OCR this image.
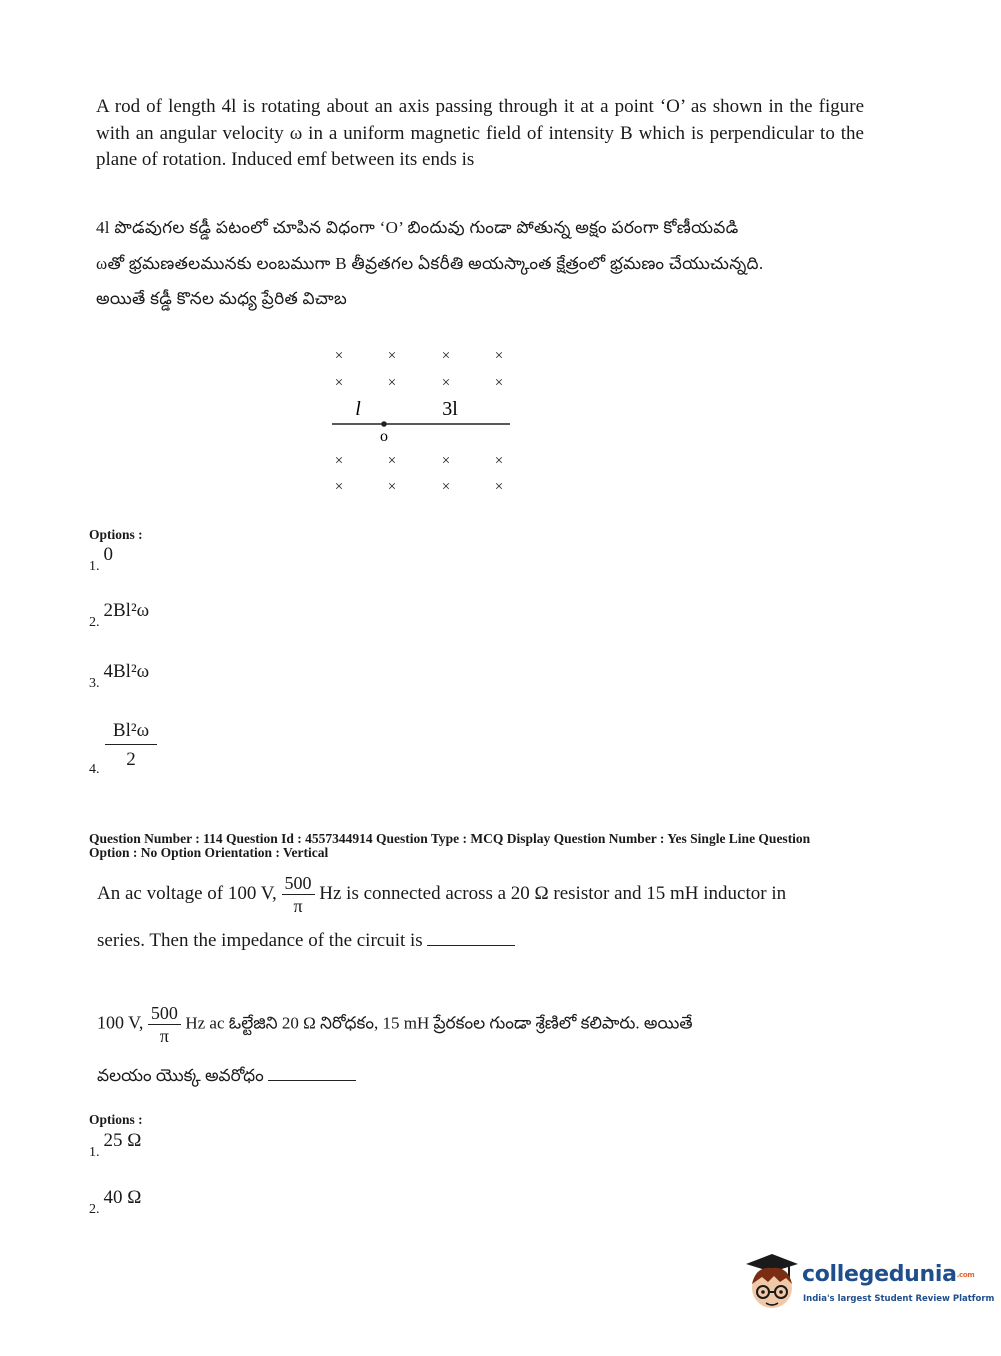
A rod of length 4l is rotating about an axis passing through it at a point ‘O’ as shown in the figure with an angular velocity ω in a uniform magnetic field of intensity B which is perpendicular to the plane of rotation. Induced emf between its ends is
4l పొడవుగల కడ్డీ పటంలో చూపిన విధంగా ‘O’ బిందువు గుండా పోతున్న అక్షం పరంగా కోణీయవడి
ωతో భ్రమణతలమునకు లంబముగా B తీవ్రతగల ఏకరీతి అయస్కాంత క్షేత్రంలో భ్రమణం చేయుచున్నది.
అయితే కడ్డీ కొనల మధ్య ప్రేరిత విచాబ
×	×	×	×
×	×	×	×
×	×	×	×
×	×	×	×
l	3l
o
Options :
1. 0
2. 2Bl²ω
3. 4Bl²ω
$\frac{\text{Bl²ω}}{2}$
4.
Question Number : 114 Question Id : 4557344914 Question Type : MCQ Display Question Number : Yes Single Line Question
Option : No Option Orientation : Vertical
An ac voltage of 100 V, $\frac{500}{\pi}$ Hz is connected across a 20 Ω resistor and 15 mH inductor in
series. Then the impedance of the circuit is
100 V, $\frac{500}{\pi}$ Hz ac ఓల్టేజిని 20 Ω నిరోధకం, 15 mH ప్రేరకంల గుండా శ్రేణిలో కలిపారు. అయితే
వలయం యొక్క అవరోధం
Options :
1. 25 Ω
2. 40 Ω
collegedunia.com
India's largest Student Review Platform
